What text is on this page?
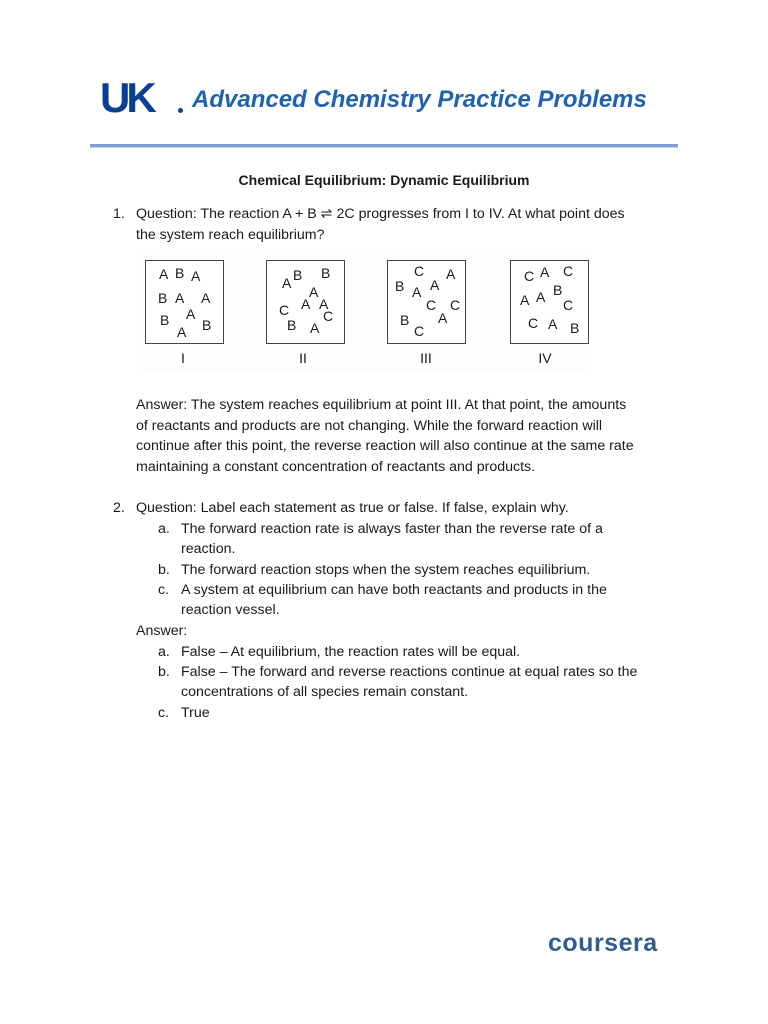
UK Advanced Chemistry Practice Problems
Chemical Equilibrium: Dynamic Equilibrium
1. Question: The reaction A + B ⇌ 2C progresses from I to IV. At what point does
the system reach equilibrium?
A B A
B A A
A
B B
A
I
A B B
A
A
C A
C
B A
II
C A
B A A
C C
A
B
C
III
C A C
A A B
C
C A B
IV
Answer: The system reaches equilibrium at point III. At that point, the amounts
of reactants and products are not changing. While the forward reaction will
continue after this point, the reverse reaction will also continue at the same rate
maintaining a constant concentration of reactants and products.
2. Question: Label each statement as true or false. If false, explain why.
a. The forward reaction rate is always faster than the reverse rate of a
reaction.
b. The forward reaction stops when the system reaches equilibrium.
c. A system at equilibrium can have both reactants and products in the
reaction vessel.
Answer:
a. False – At equilibrium, the reaction rates will be equal.
b. False – The forward and reverse reactions continue at equal rates so the
concentrations of all species remain constant.
c. True
coursera
